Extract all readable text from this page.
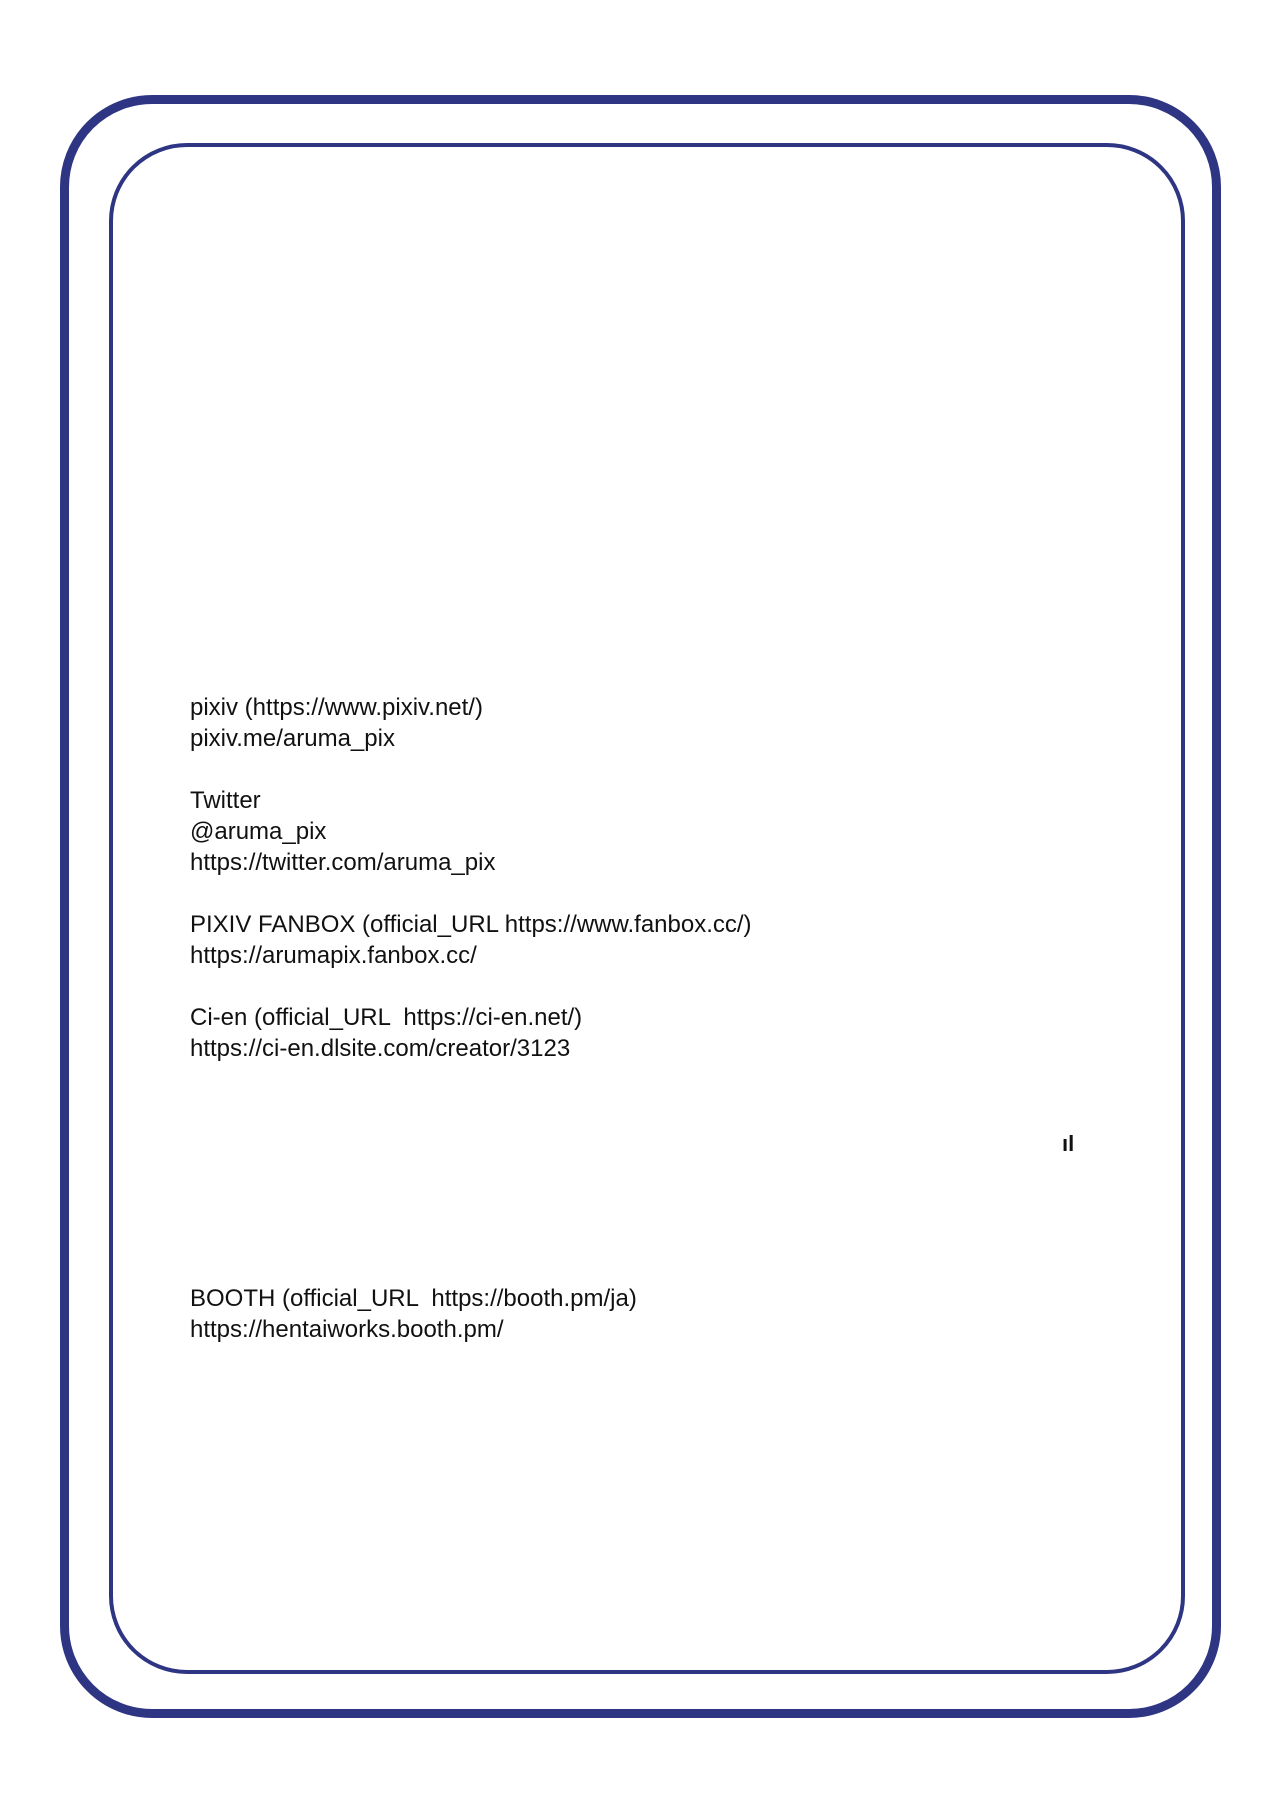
pixiv (https://www.pixiv.net/)
pixiv.me/aruma_pix
Twitter
@aruma_pix
https://twitter.com/aruma_pix
PIXIV FANBOX (official_URL https://www.fanbox.cc/)
https://arumapix.fanbox.cc/
Ci-en (official_URL  https://ci-en.net/)
https://ci-en.dlsite.com/creator/3123
ıl
BOOTH (official_URL  https://booth.pm/ja)
https://hentaiworks.booth.pm/
